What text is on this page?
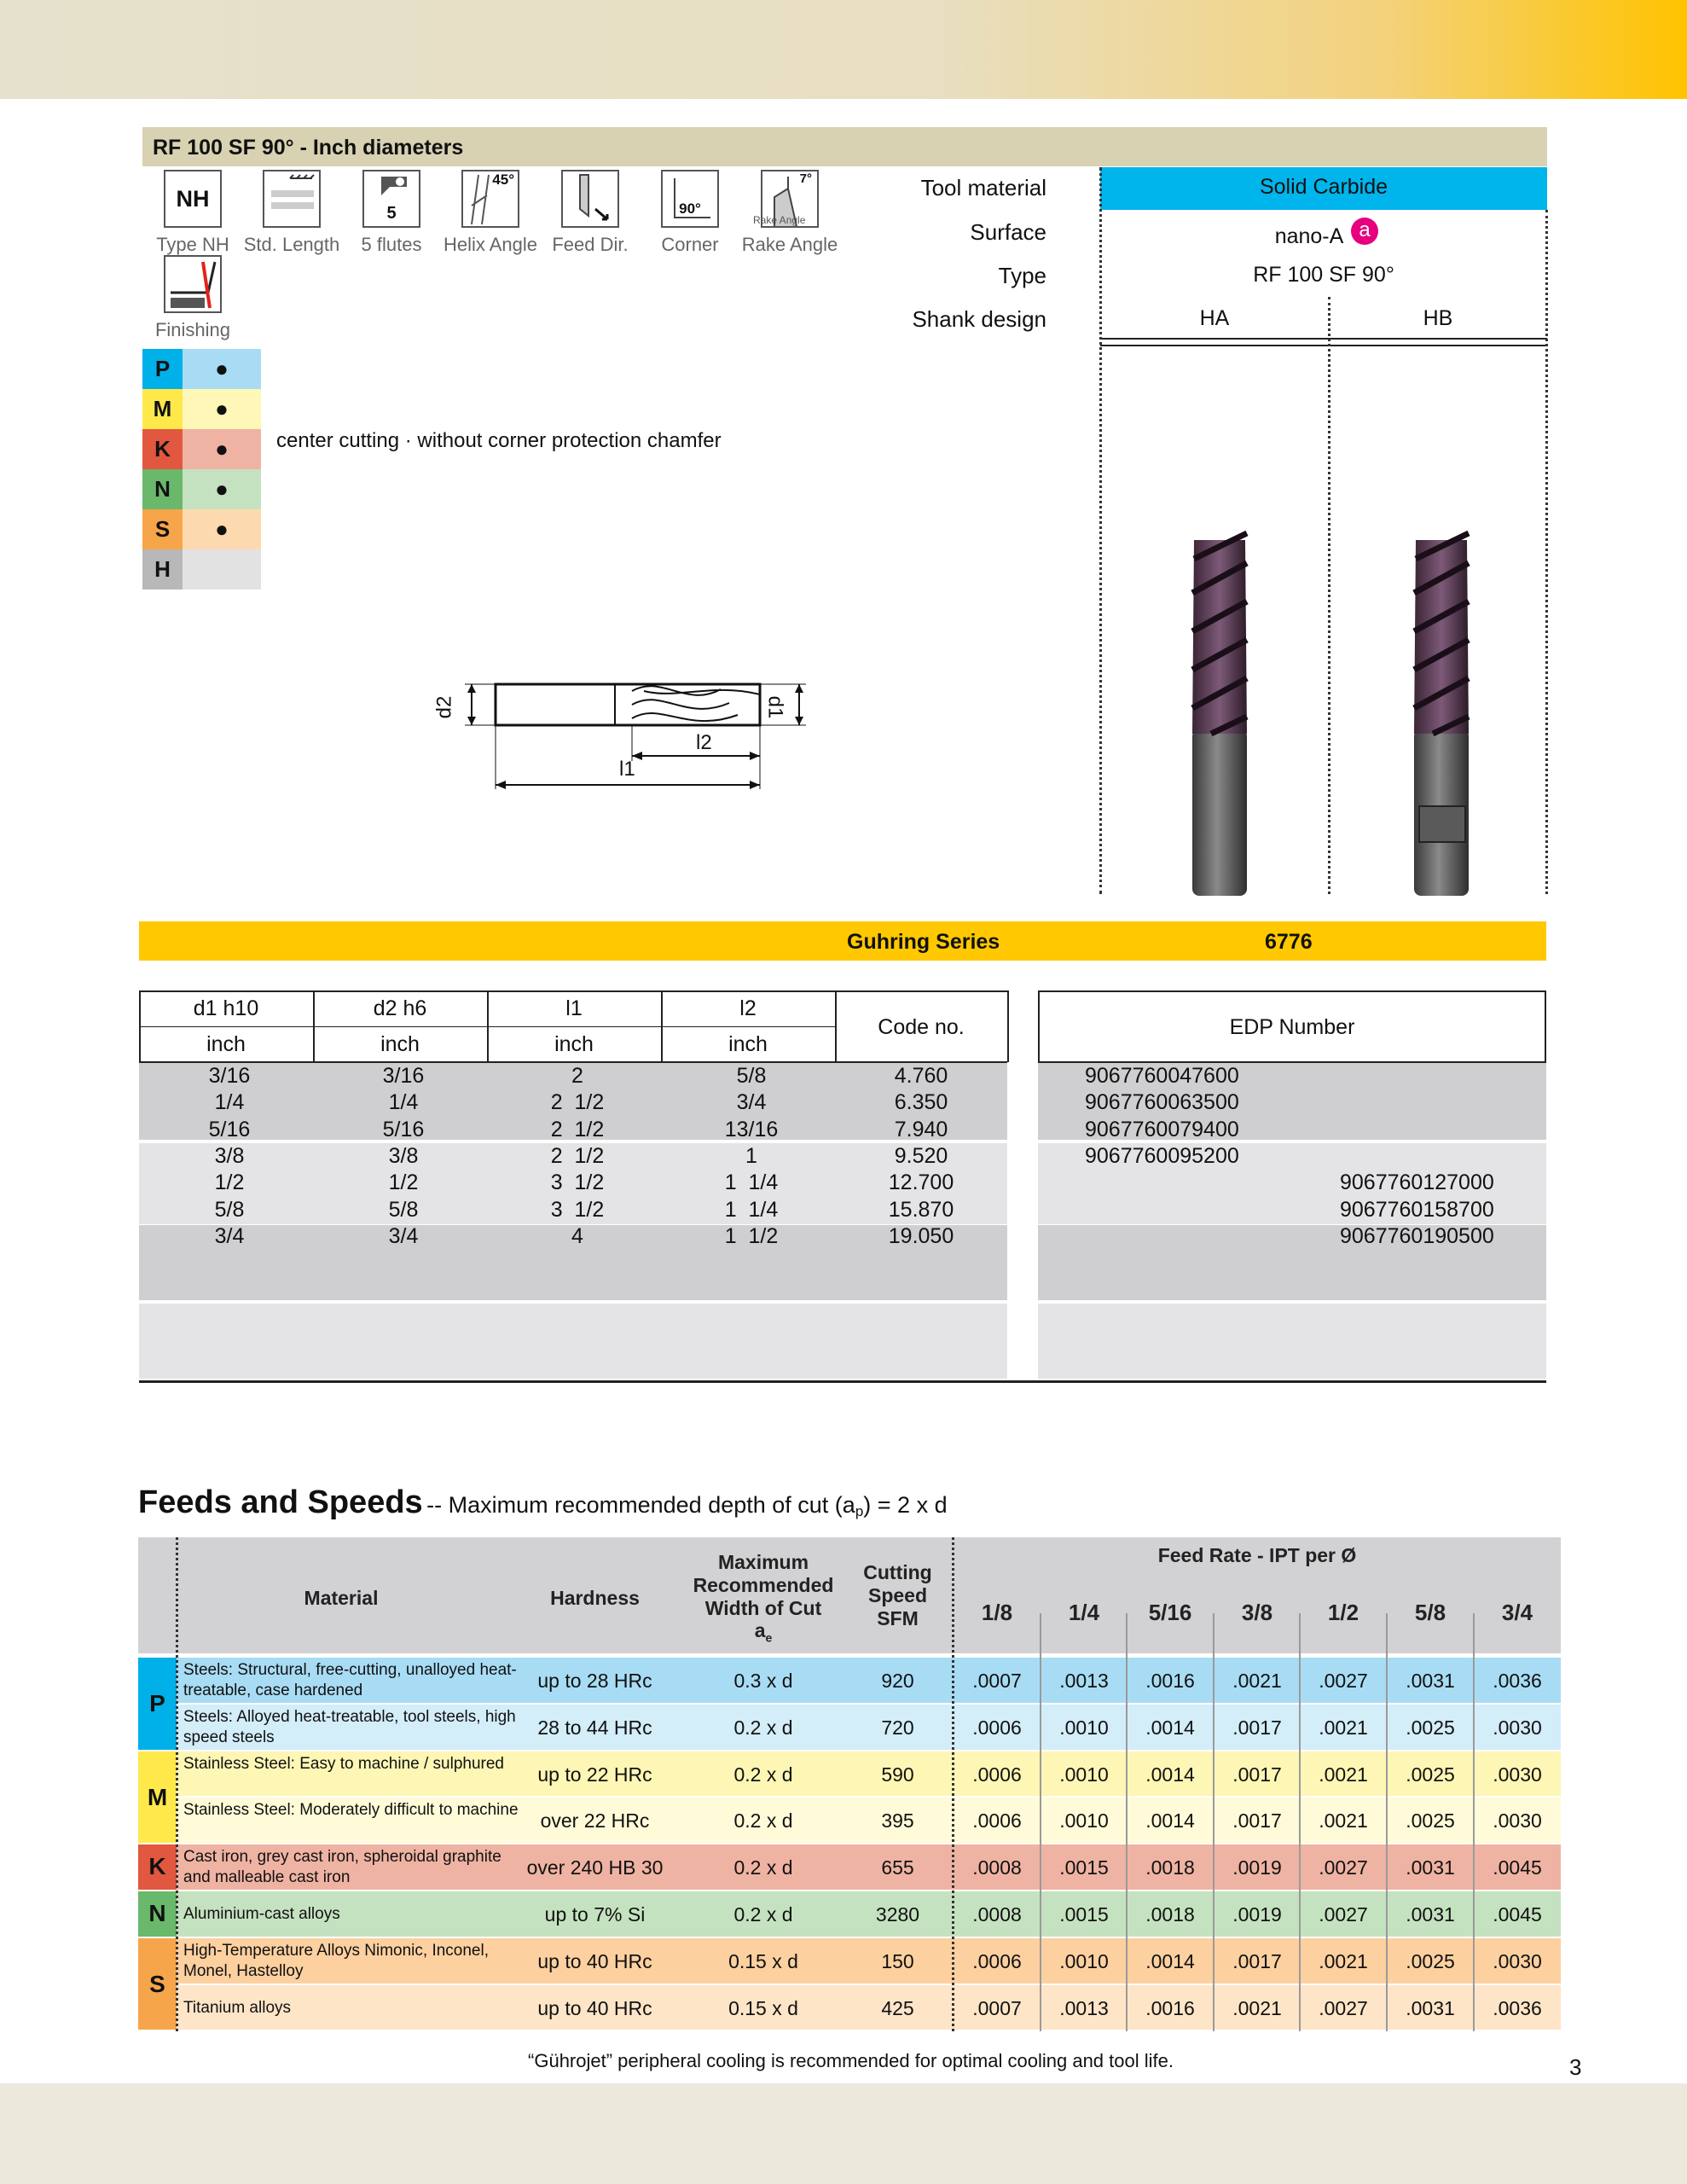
RF 100 SF 90° - Inch diameters
NH
Type NH Std. Length
5
5 flutes
45°
Helix Angle Feed Dir.
90°
Corner
7°
Rake Angle
Finishing
Rake Angle
P	●
M	●
K	●
N	●
S	●
H
center cutting · without corner protection chamfer
Tool material	Solid Carbide
Surface	nano-A a
Type	RF 100 SF 90°
Shank design	HA	HB
d2	d1
l1
l2
Guhring Series	6776
d1 h10
inch
d2 h6
inch
l1
inch
l2
inch
Code no.	EDP Number
3/16	3/16	2	5/8	4.760	9067760047600
1/4	1/4	2  1/2	3/4	6.350	9067760063500
5/16	5/16	2  1/2	13/16	7.940	9067760079400
3/8	3/8	2  1/2	1	9.520	9067760095200
1/2	1/2	3  1/2	1  1/4	12.700	9067760127000
5/8	5/8	3  1/2	1  1/4	15.870	9067760158700
3/4	3/4	4	1  1/2	19.050	9067760190500
Feeds and Speeds -- Maximum recommended depth of cut $(a_p) = 2$ x d
Material	Hardness
Maximum Recommended Width of Cut
$a_e$
Cutting Speed SFM
Feed Rate - IPT per Ø
1/8	1/4	5/16	3/8	1/2	5/8	3/4
Steels: Structural, free-cutting, unalloyed heat-treatable, case hardened	up to 28 HRc	0.3 x d	920	.0007	.0013	.0016	.0021	.0027	.0031	.0036
Steels: Alloyed heat-treatable, tool steels, high speed steels	28 to 44 HRc	0.2 x d	720	.0006	.0010	.0014	.0017	.0021	.0025	.0030
Stainless Steel: Easy to machine / sulphured	up to 22 HRc	0.2 x d	590	.0006	.0010	.0014	.0017	.0021	.0025	.0030
Stainless Steel: Moderately difficult to machine	over 22 HRc	0.2 x d	395	.0006	.0010	.0014	.0017	.0021	.0025	.0030
Cast iron, grey cast iron, spheroidal graphite and malleable cast iron	over 240 HB 30	0.2 x d	655	.0008	.0015	.0018	.0019	.0027	.0031	.0045
Aluminium-cast alloys	up to 7% Si	0.2 x d	3280	.0008	.0015	.0018	.0019	.0027	.0031	.0045
High-Temperature Alloys Nimonic, Inconel, Monel, Hastelloy	up to 40 HRc	0.15 x d	150	.0006	.0010	.0014	.0017	.0021	.0025	.0030
Titanium alloys	up to 40 HRc	0.15 x d	425	.0007	.0013	.0016	.0021	.0027	.0031	.0036
P
M
K
N
S
“Gührojet” peripheral cooling is recommended for optimal cooling and tool life.	3
